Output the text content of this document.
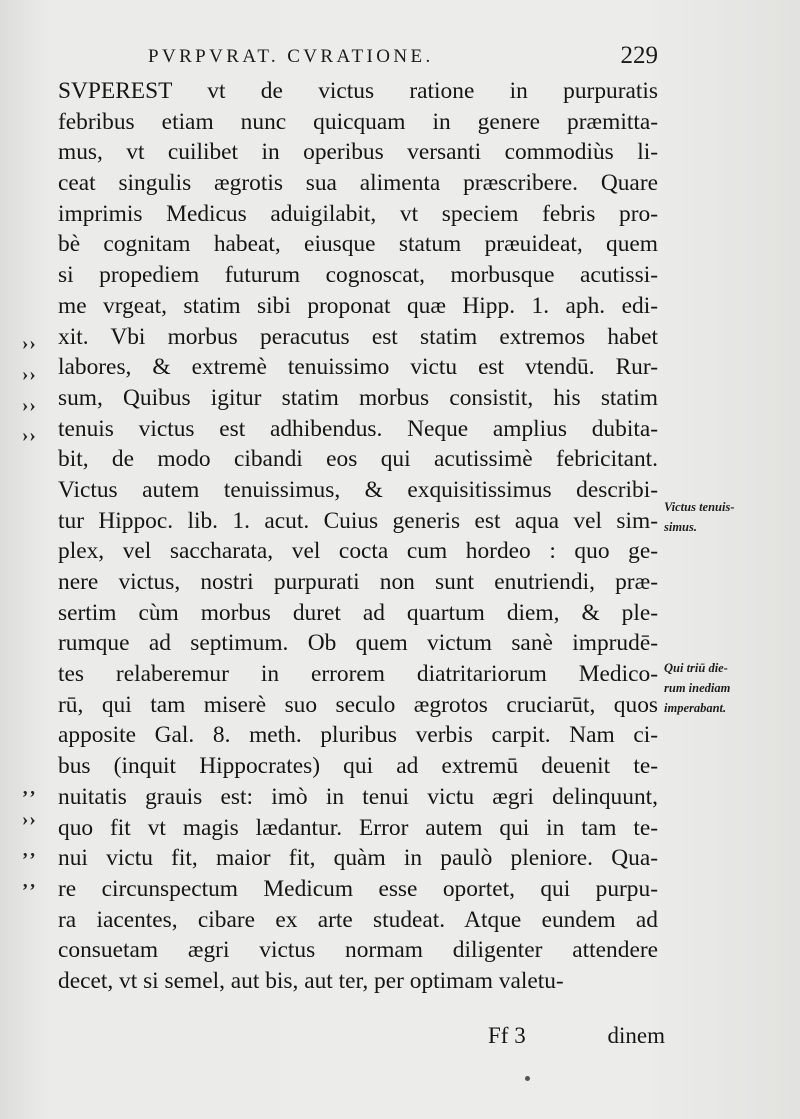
PVRPVRAT. CVRATIONE.	229
SVPEREST vt de victus ratione in purpuratis
febribus etiam nunc quicquam in genere præmitta-
mus, vt cuilibet in operibus versanti commodiùs li-
ceat singulis ægrotis sua alimenta præscribere. Quare
imprimis Medicus aduigilabit, vt speciem febris pro-
bè cognitam habeat, eiusque statum præuideat, quem
si propediem futurum cognoscat, morbusque acutissi-
me vrgeat, statim sibi proponat quæ Hipp. 1. aph. edi-
xit. Vbi morbus peracutus est statim extremos habet
labores, & extremè tenuissimo victu est vtendū. Rur-
sum, Quibus igitur statim morbus consistit, his statim
tenuis victus est adhibendus. Neque amplius dubita-
bit, de modo cibandi eos qui acutissimè febricitant.
Victus autem tenuissimus, & exquisitissimus describi-
tur Hippoc. lib. 1. acut. Cuius generis est aqua vel sim-
plex, vel saccharata, vel cocta cum hordeo : quo ge-
nere victus, nostri purpurati non sunt enutriendi, præ-
sertim cùm morbus duret ad quartum diem, & ple-
rumque ad septimum. Ob quem victum sanè imprudē-
tes relaberemur in errorem diatritariorum Medico-
rū, qui tam miserè suo seculo ægrotos cruciarūt, quos
apposite Gal. 8. meth. pluribus verbis carpit. Nam ci-
bus (inquit Hippocrates) qui ad extremū deuenit te-
nuitatis grauis est: imò in tenui victu ægri delinquunt,
quo fit vt magis lædantur. Error autem qui in tam te-
nui victu fit, maior fit, quàm in paulò pleniore. Qua-
re circunspectum Medicum esse oportet, qui purpu-
ra iacentes, cibare ex arte studeat. Atque eundem ad
consuetam ægri victus normam diligenter attendere
decet, vt si semel, aut bis, aut ter, per optimam valetu-
››
››
››
››
‚‚
››
‚‚
‚‚
Victus tenuis-
simus.
Qui triū die-
rum inediam
imperabant.
Ff 3	dinem
